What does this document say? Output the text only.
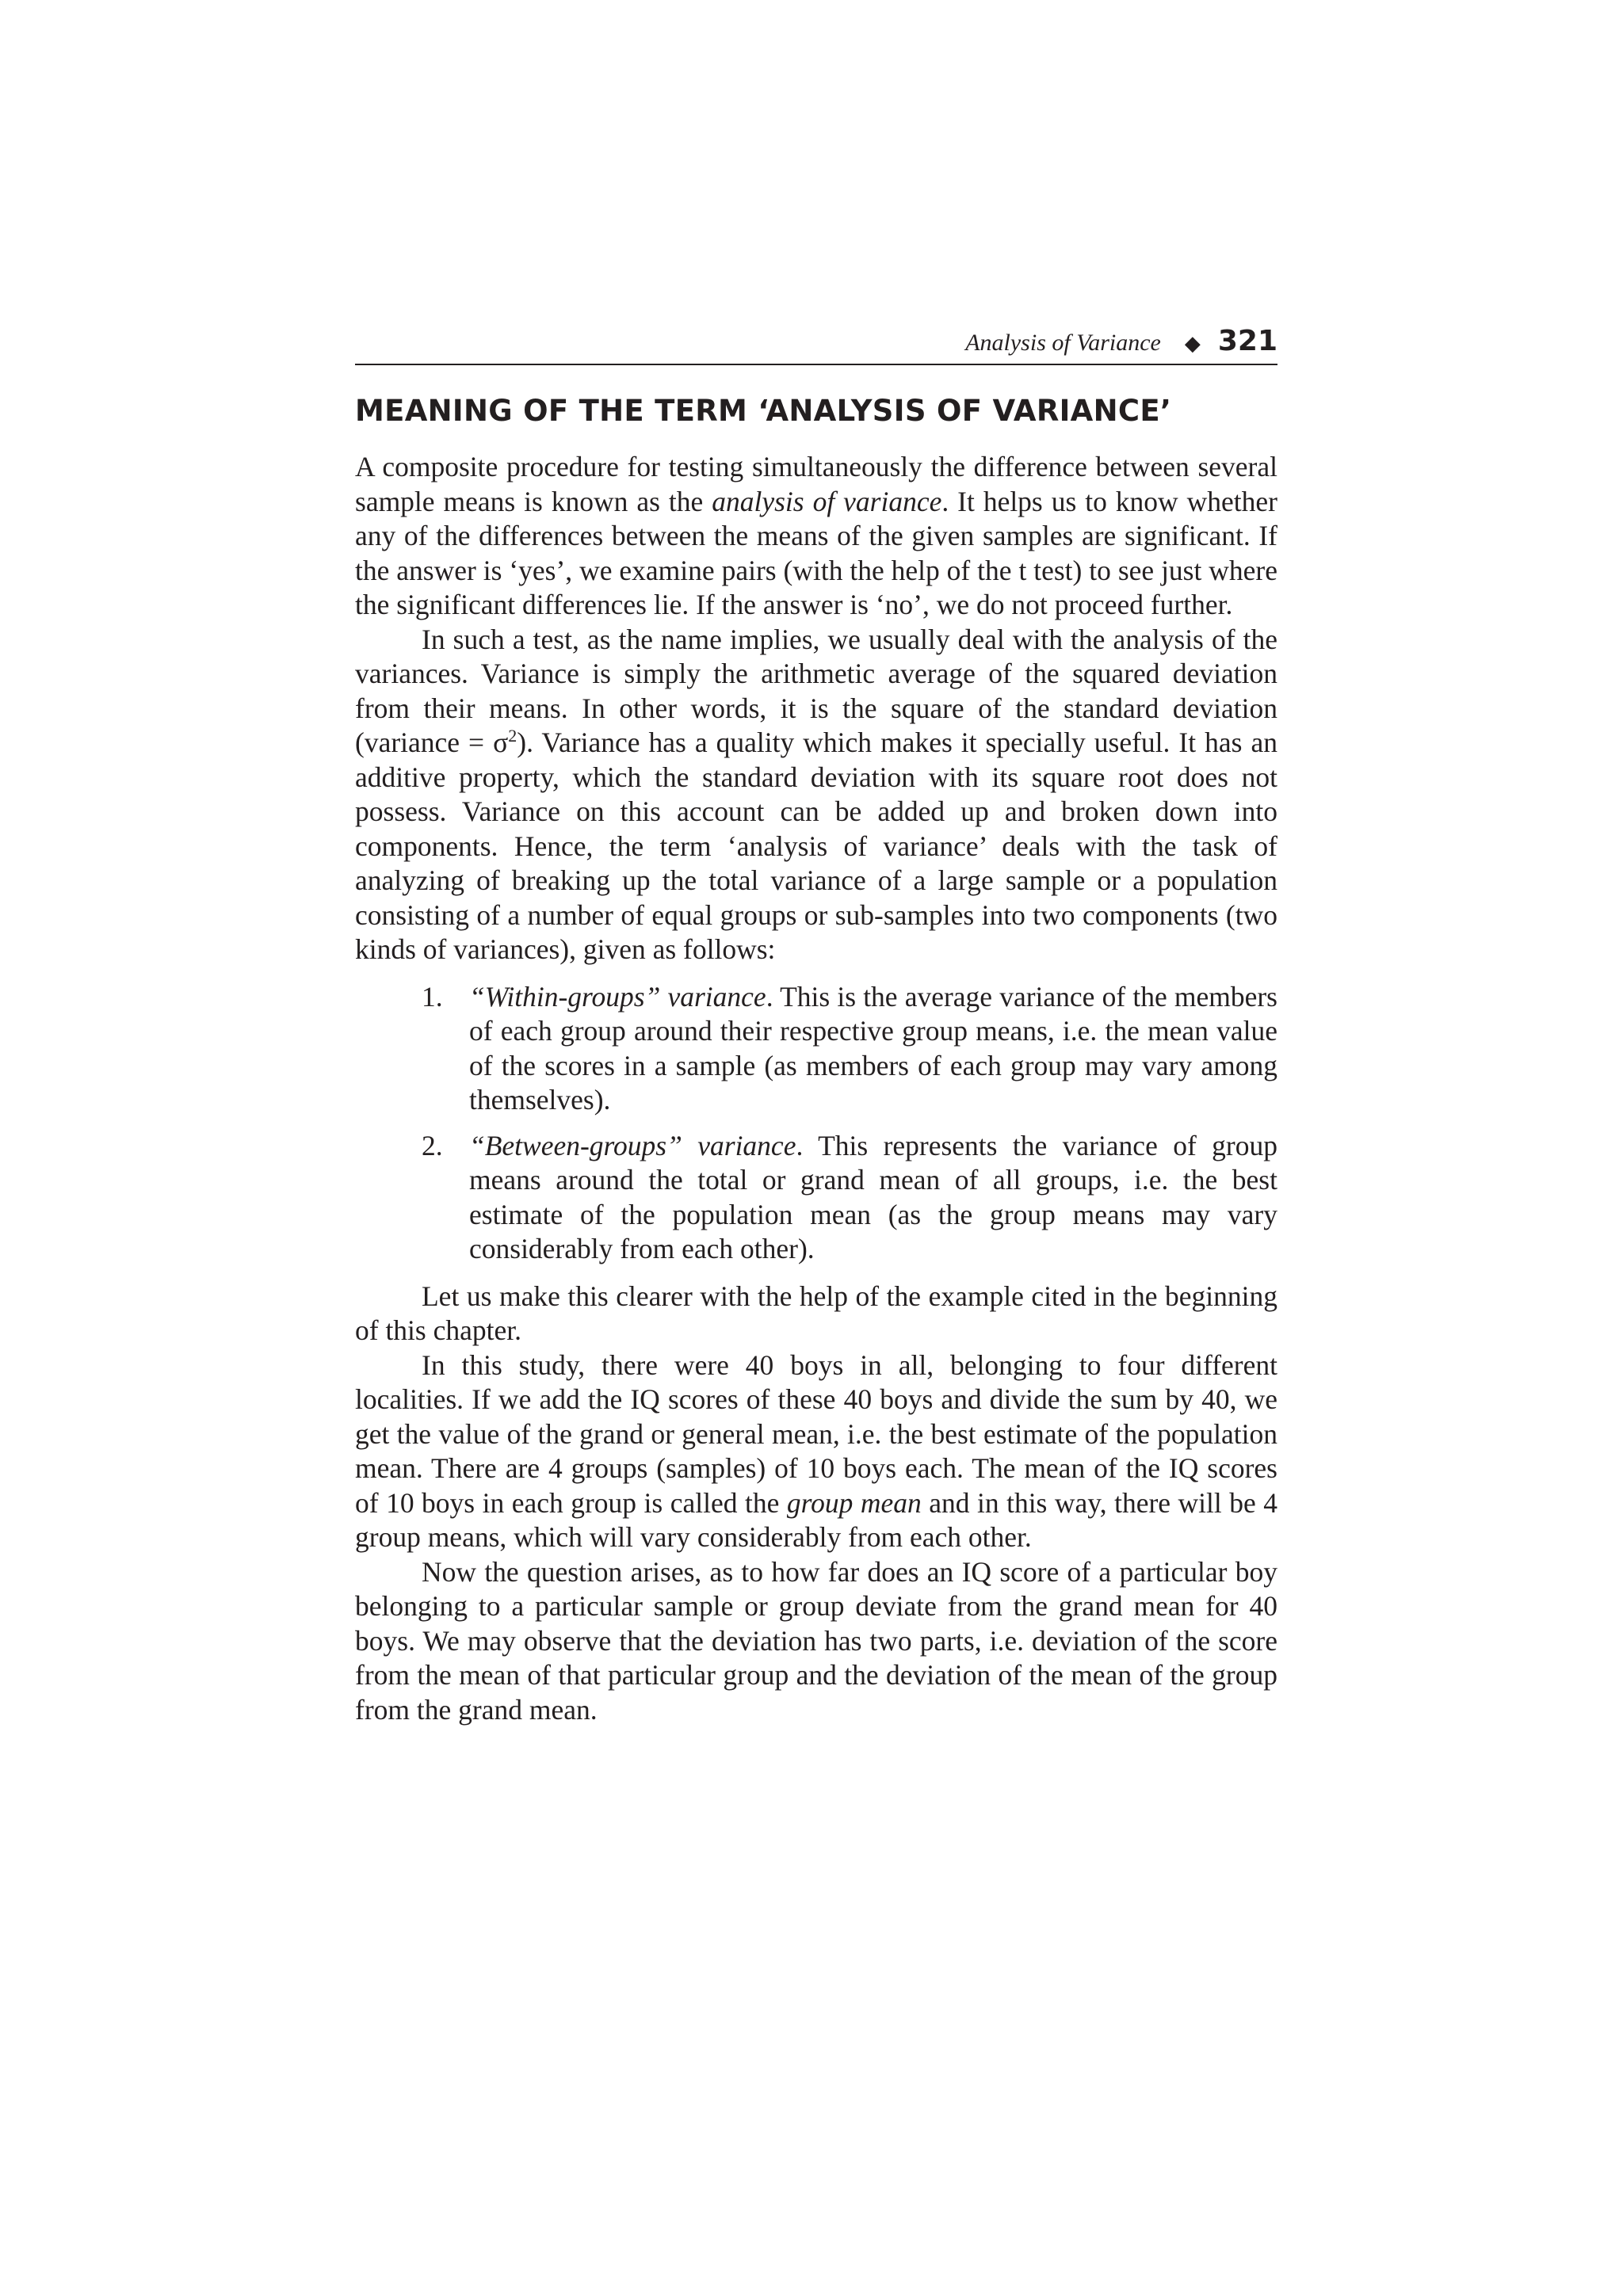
Analysis of Variance ◆ 321
MEANING OF THE TERM ‘ANALYSIS OF VARIANCE’

A composite procedure for testing simultaneously the difference between several sample means is known as the analysis of variance. It helps us to know whether any of the differences between the means of the given samples are significant. If the answer is ‘yes’, we examine pairs (with the help of the t test) to see just where the significant differences lie. If the answer is ‘no’, we do not proceed further.

In such a test, as the name implies, we usually deal with the analysis of the variances. Variance is simply the arithmetic average of the squared deviation from their means. In other words, it is the square of the standard deviation (variance = $\sigma^2$). Variance has a quality which makes it specially useful. It has an additive property, which the standard deviation with its square root does not possess. Variance on this account can be added up and broken down into components. Hence, the term ‘analysis of variance’ deals with the task of analyzing of breaking up the total variance of a large sample or a population consisting of a number of equal groups or sub-samples into two components (two kinds of variances), given as follows:

1. “Within-groups” variance. This is the average variance of the members of each group around their respective group means, i.e. the mean value of the scores in a sample (as members of each group may vary among themselves).
2. “Between-groups” variance. This represents the variance of group means around the total or grand mean of all groups, i.e. the best estimate of the population mean (as the group means may vary considerably from each other).

Let us make this clearer with the help of the example cited in the beginning of this chapter.

In this study, there were 40 boys in all, belonging to four different localities. If we add the IQ scores of these 40 boys and divide the sum by 40, we get the value of the grand or general mean, i.e. the best estimate of the population mean. There are 4 groups (samples) of 10 boys each. The mean of the IQ scores of 10 boys in each group is called the group mean and in this way, there will be 4 group means, which will vary considerably from each other.

Now the question arises, as to how far does an IQ score of a particular boy belonging to a particular sample or group deviate from the grand mean for 40 boys. We may observe that the deviation has two parts, i.e. deviation of the score from the mean of that particular group and the deviation of the mean of the group from the grand mean.
